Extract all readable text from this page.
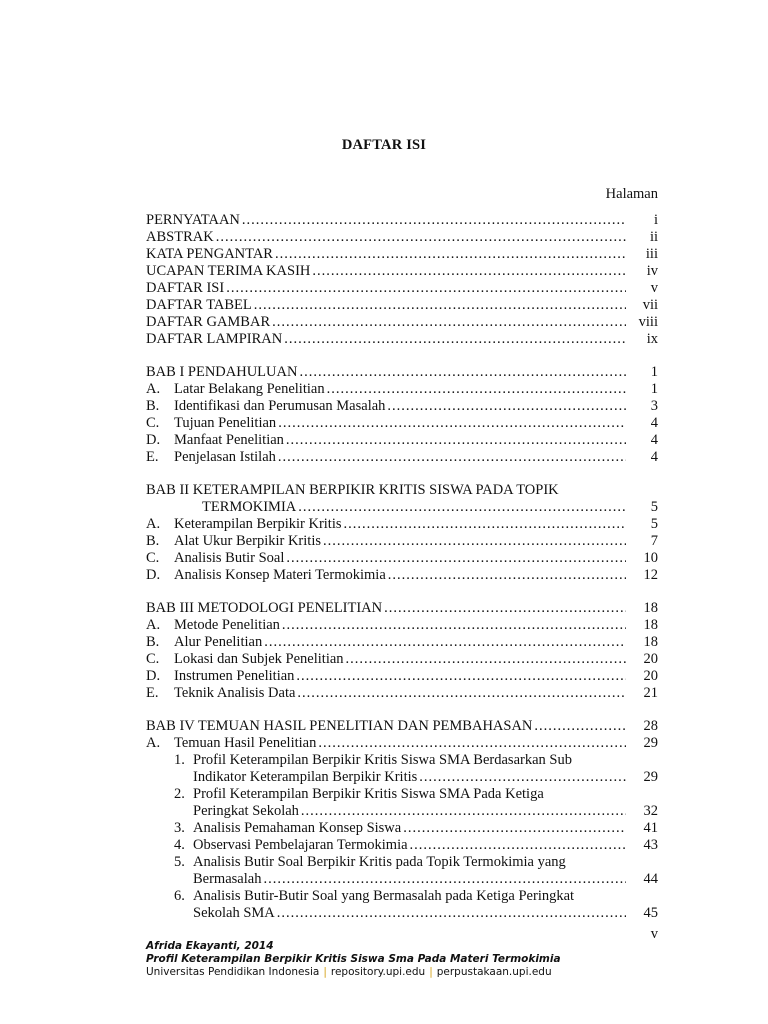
DAFTAR ISI
Halaman
PERNYATAAN .....	i
ABSTRAK .....	ii
KATA PENGANTAR .....	iii
UCAPAN TERIMA KASIH .....	iv
DAFTAR ISI .....	v
DAFTAR TABEL .....	vii
DAFTAR GAMBAR .....	viii
DAFTAR LAMPIRAN .....	ix
BAB I PENDAHULUAN .....	1
A. Latar Belakang Penelitian .....	1
B.	Identifikasi dan Perumusan Masalah .....	3
C.	Tujuan Penelitian .....	4
D. Manfaat Penelitian .....	4
E.	Penjelasan Istilah .....	4
BAB II KETERAMPILAN BERPIKIR KRITIS SISWA PADA TOPIK
TERMOKIMIA .....	5
A. Keterampilan Berpikir Kritis .....	5
B.	Alat Ukur Berpikir Kritis .....	7
C.	Analisis Butir Soal .....	10
D. Analisis Konsep Materi Termokimia .....	12
BAB III METODOLOGI PENELITIAN .....	18
A. Metode Penelitian .....	18
B.	Alur Penelitian .....	18
C.	Lokasi dan Subjek Penelitian .....	20
D. Instrumen Penelitian .....	20
E.	Teknik Analisis Data .....	21
BAB IV TEMUAN HASIL PENELITIAN DAN PEMBAHASAN .....	28
A. Temuan Hasil Penelitian .....	29
1. Profil Keterampilan Berpikir Kritis Siswa SMA Berdasarkan Sub
Indikator Keterampilan Berpikir Kritis .....	29
2. Profil Keterampilan Berpikir Kritis Siswa SMA Pada Ketiga
Peringkat Sekolah .....	32
3. Analisis Pemahaman Konsep Siswa .....	41
4. Observasi Pembelajaran Termokimia .....	43
5. Analisis Butir Soal Berpikir Kritis pada Topik Termokimia yang
Bermasalah .....	44
6. Analisis Butir-Butir Soal yang Bermasalah pada Ketiga Peringkat
Sekolah SMA .....	45
v
Afrida Ekayanti, 2014
Profil Keterampilan Berpikir Kritis Siswa Sma Pada Materi Termokimia
Universitas Pendidikan Indonesia | repository.upi.edu | perpustakaan.upi.edu
